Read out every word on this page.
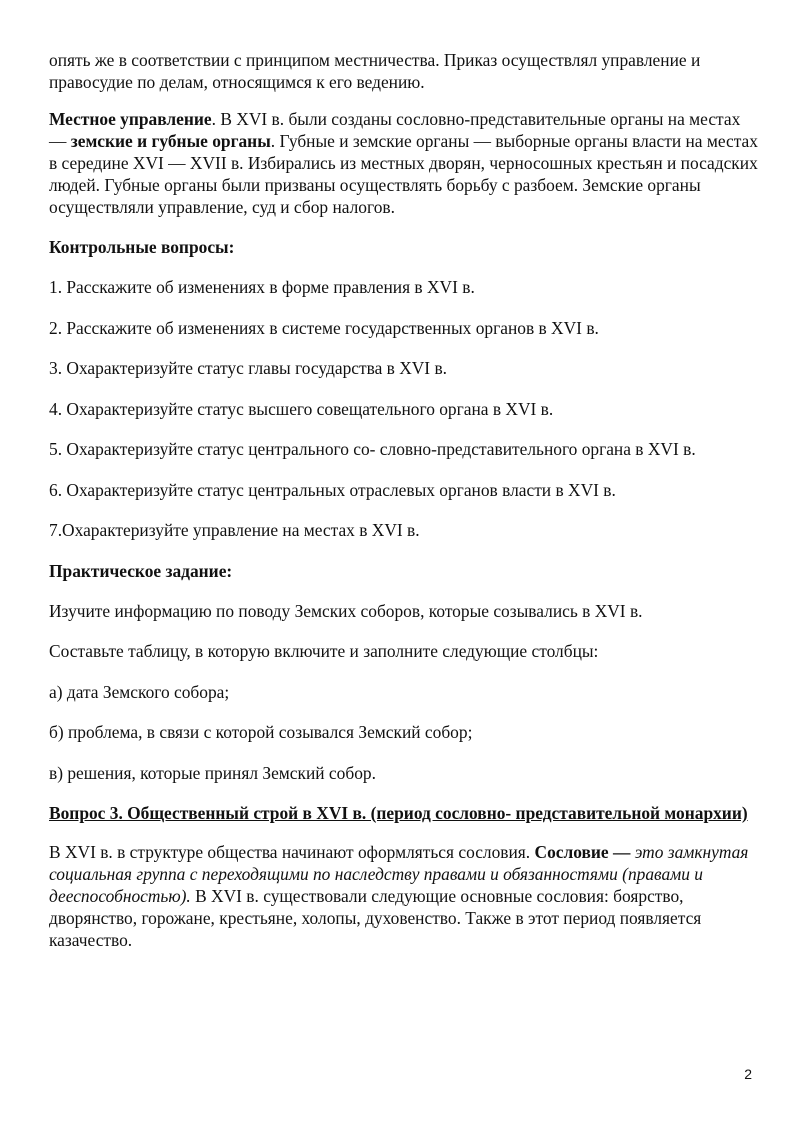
опять же в соответствии с принципом местничества. Приказ осуществлял управление и правосудие по делам, относящимся к его ведению.

Местное управление. В XVI в. были созданы сословно-представительные органы на местах — земские и губные органы. Губные и земские органы — выборные органы власти на местах в середине XVI — XVII в. Избирались из местных дворян, черносошных крестьян и посадских людей. Губные органы были призваны осуществлять борьбу с разбоем. Земские органы осуществляли управление, суд и сбор налогов.

Контрольные вопросы:

1. Расскажите об изменениях в форме правления в XVI в.

2. Расскажите об изменениях в системе государственных органов в XVI в.

3. Охарактеризуйте статус главы государства в XVI в.

4. Охарактеризуйте статус высшего совещательного органа в XVI в.

5. Охарактеризуйте статус центрального со- словно-представительного органа в XVI в.

6. Охарактеризуйте статус центральных отраслевых органов власти в XVI в.

7.Охарактеризуйте управление на местах в XVI в.

Практическое задание:

Изучите информацию по поводу Земских соборов, которые созывались в XVI в.

Составьте таблицу, в которую включите и заполните следующие столбцы:

а) дата Земского собора;

б) проблема, в связи с которой созывался Земский собор;

в) решения, которые принял Земский собор.

Вопрос 3. Общественный строй в XVI в. (период сословно- представительной монархии)

В XVI в. в структуре общества начинают оформляться сословия. Сословие — это замкнутая социальная группа с переходящими по наследству правами и обязанностями (правами и дееспособностью). В XVI в. существовали следующие основные сословия: боярство, дворянство, горожане, крестьяне, холопы, духовенство. Также в этот период появляется казачество.

2
